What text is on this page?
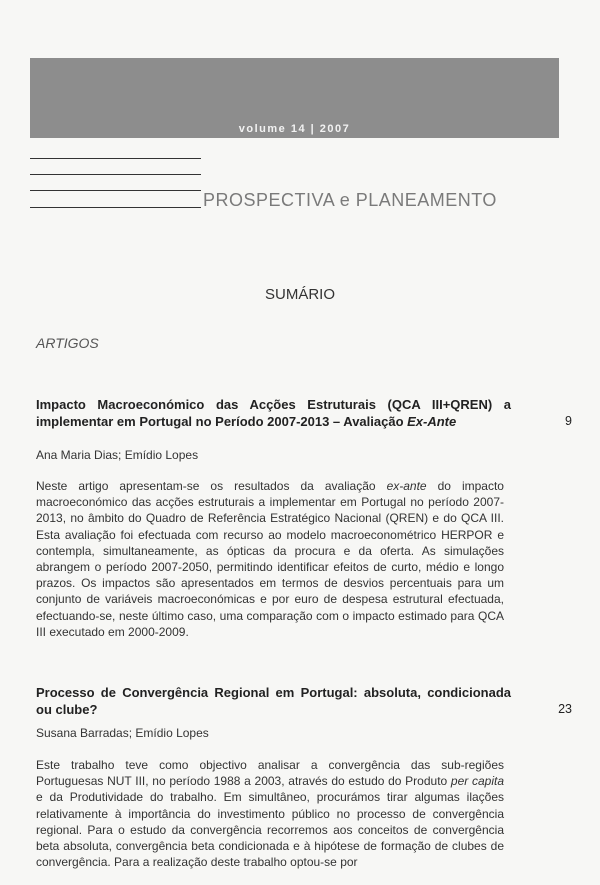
volume 14 | 2007
PROSPECTIVA e PLANEAMENTO
SUMÁRIO
ARTIGOS
Impacto Macroeconómico das Acções Estruturais (QCA III+QREN) a implementar em Portugal no Período 2007-2013 – Avaliação Ex-Ante	9
Ana Maria Dias; Emídio Lopes

Neste artigo apresentam-se os resultados da avaliação ex-ante do impacto macroeconómico das acções estruturais a implementar em Portugal no período 2007-2013, no âmbito do Quadro de Referência Estratégico Nacional (QREN) e do QCA III. Esta avaliação foi efectuada com recurso ao modelo macroeconométrico HERPOR e contempla, simultaneamente, as ópticas da procura e da oferta. As simulações abrangem o período 2007-2050, permitindo identificar efeitos de curto, médio e longo prazos. Os impactos são apresentados em termos de desvios percentuais para um conjunto de variáveis macroeconómicas e por euro de despesa estrutural efectuada, efectuando-se, neste último caso, uma comparação com o impacto estimado para QCA III executado em 2000-2009.

Processo de Convergência Regional em Portugal: absoluta, condicionada ou clube?	23
Susana Barradas; Emídio Lopes

Este trabalho teve como objectivo analisar a convergência das sub-regiões Portuguesas NUT III, no período 1988 a 2003, através do estudo do Produto per capita e da Produtividade do trabalho. Em simultâneo, procurámos tirar algumas ilações relativamente à importância do investimento público no processo de convergência regional. Para o estudo da convergência recorremos aos conceitos de convergência beta absoluta, convergência beta condicionada e à hipótese de formação de clubes de convergência. Para a realização deste trabalho optou-se por
